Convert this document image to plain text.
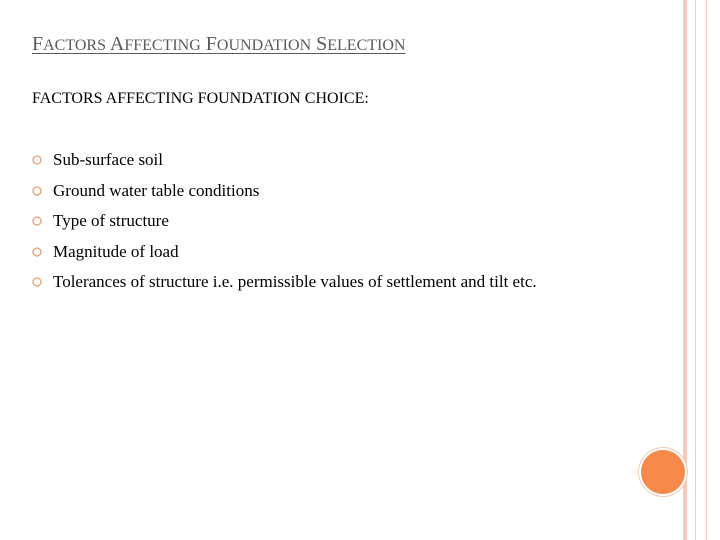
FACTORS AFFECTING FOUNDATION SELECTION
FACTORS AFFECTING FOUNDATION CHOICE:
Sub-surface soil
Ground water table conditions
Type of structure
Magnitude of load
Tolerances of structure i.e. permissible values of settlement and tilt etc.
